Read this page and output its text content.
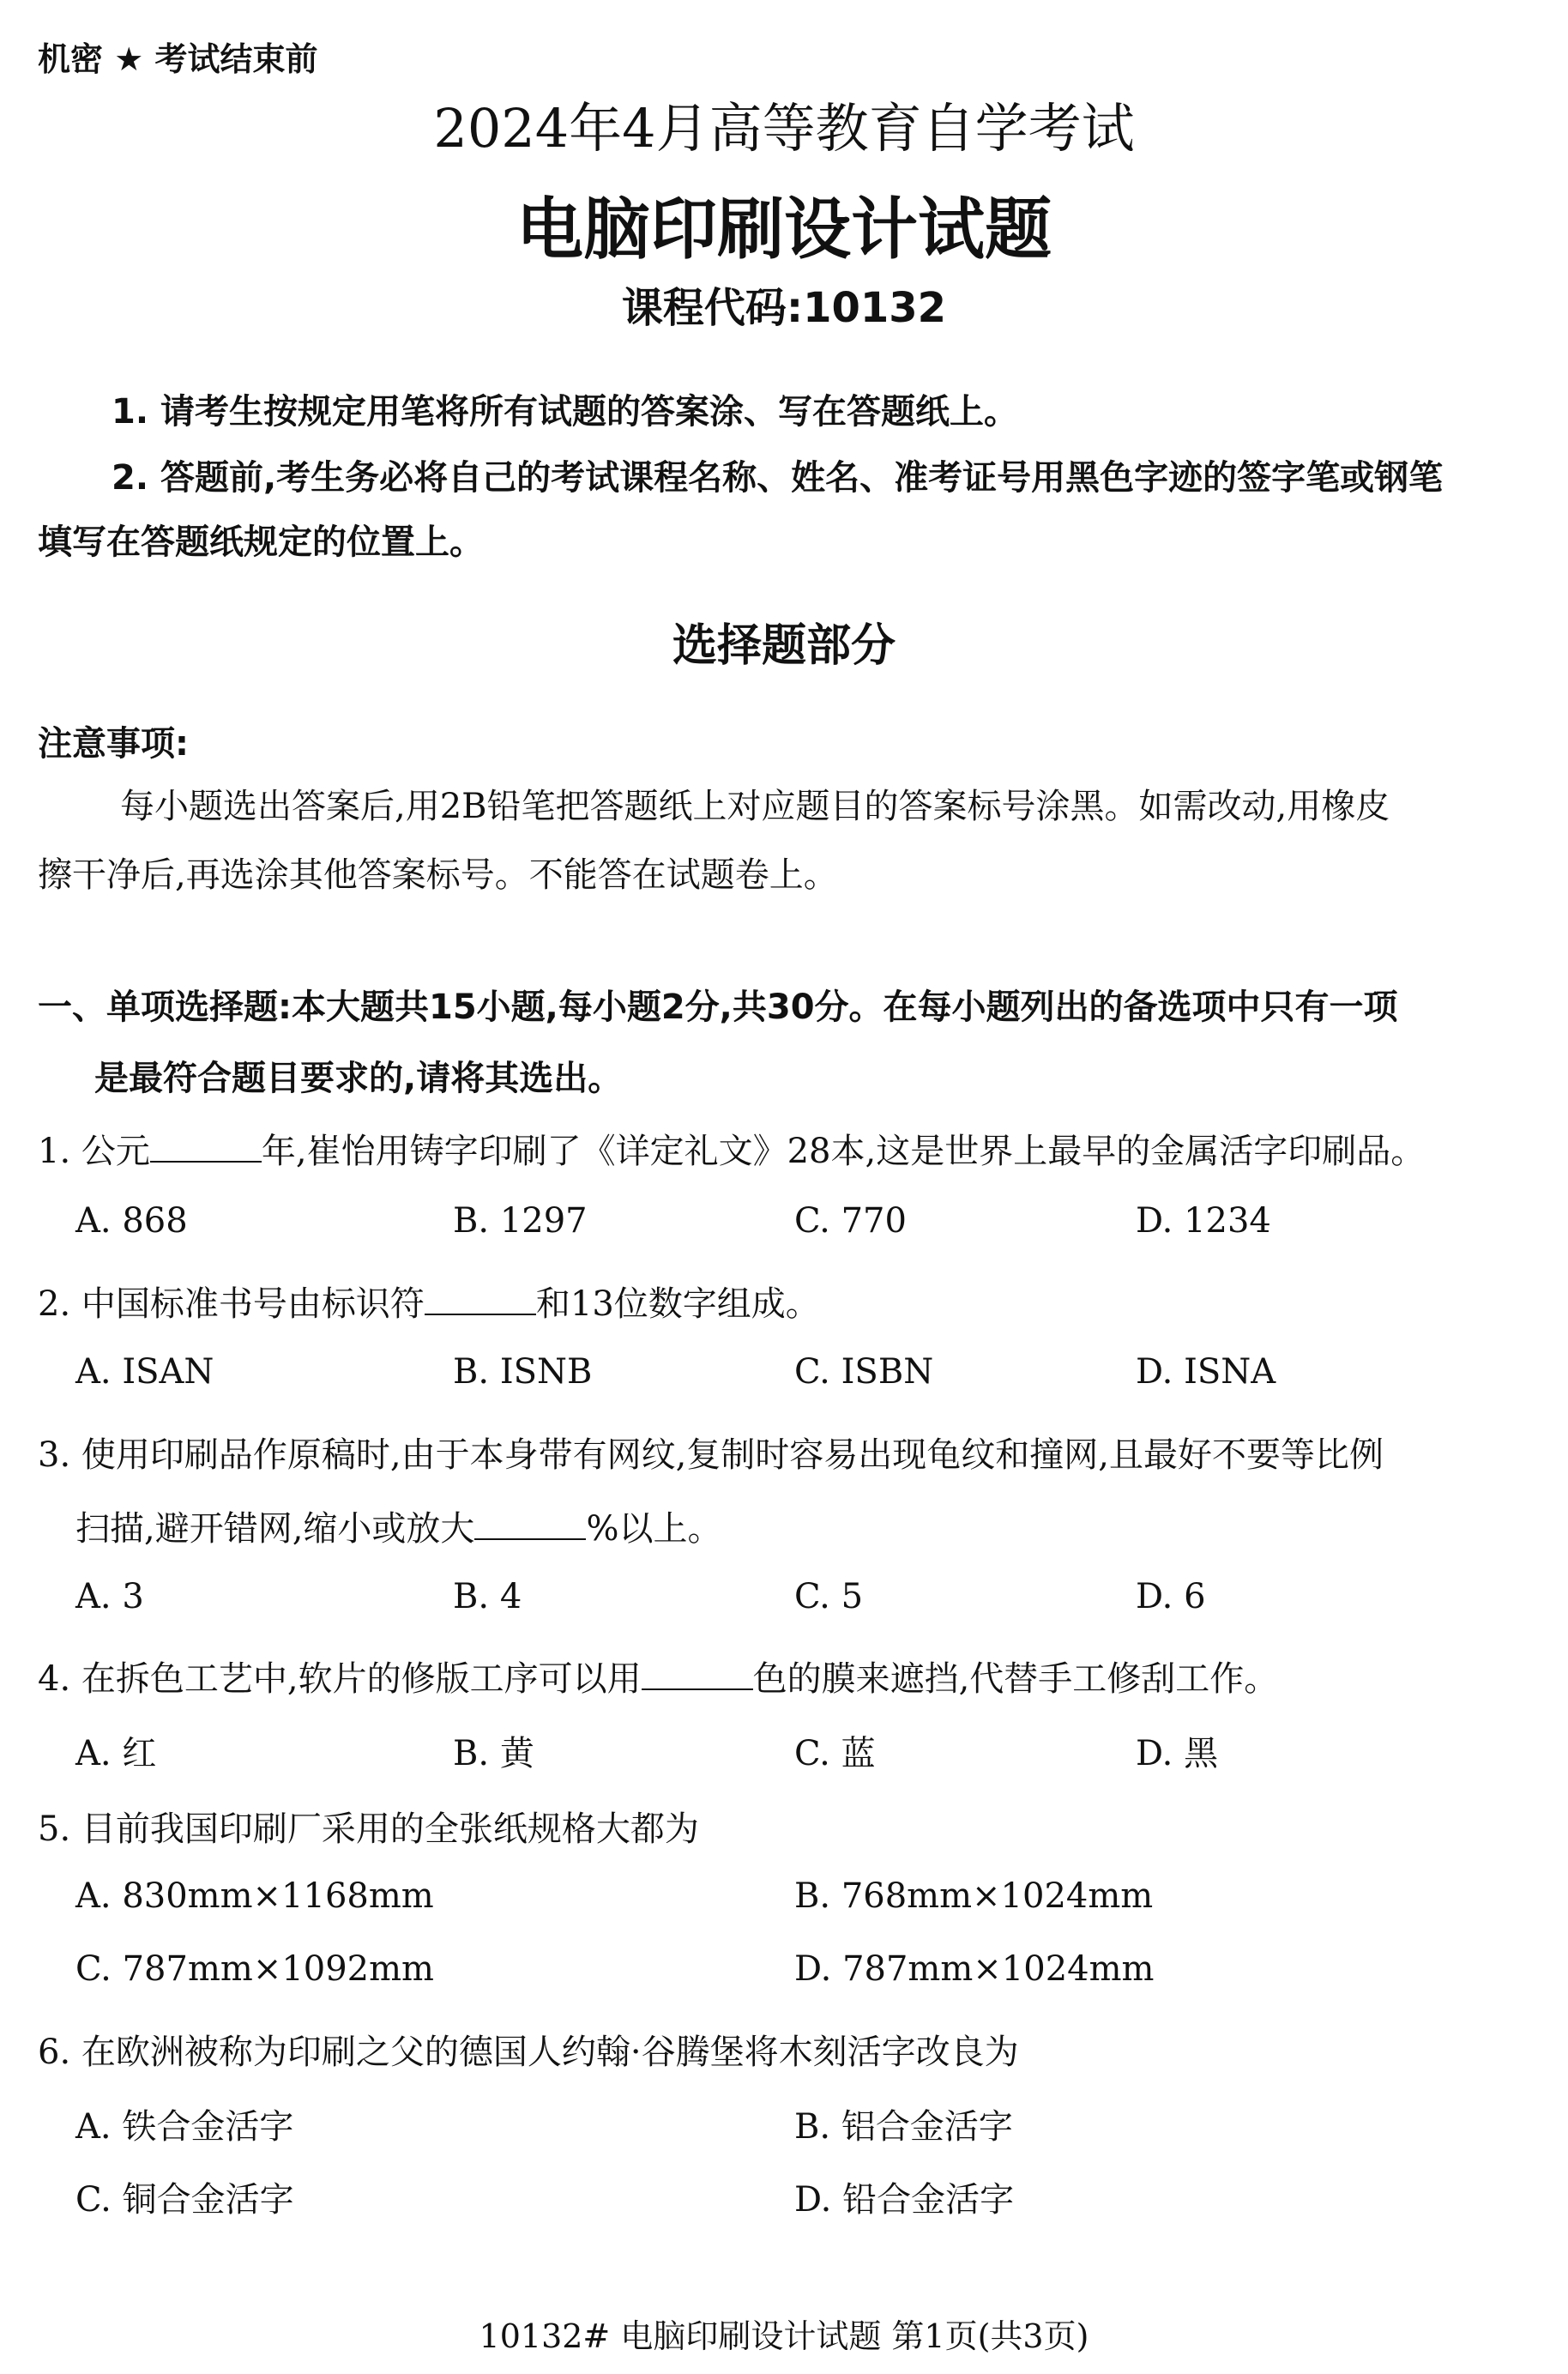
机密 ★ 考试结束前
2024年4月高等教育自学考试
电脑印刷设计试题
课程代码:10132
1. 请考生按规定用笔将所有试题的答案涂、写在答题纸上。
2. 答题前,考生务必将自己的考试课程名称、姓名、准考证号用黑色字迹的签字笔或钢笔
填写在答题纸规定的位置上。
选择题部分
注意事项:
每小题选出答案后,用2B铅笔把答题纸上对应题目的答案标号涂黑。如需改动,用橡皮
擦干净后,再选涂其他答案标号。不能答在试题卷上。
一、单项选择题:本大题共15小题,每小题2分,共30分。在每小题列出的备选项中只有一项
是最符合题目要求的,请将其选出。
1. 公元	年,崔怡用铸字印刷了《详定礼文》28本,这是世界上最早的金属活字印刷品。
A. 868	B. 1297	C. 770	D. 1234
2. 中国标准书号由标识符	和13位数字组成。
A. ISAN	B. ISNB	C. ISBN	D. ISNA
3. 使用印刷品作原稿时,由于本身带有网纹,复制时容易出现龟纹和撞网,且最好不要等比例
扫描,避开错网,缩小或放大	%以上。
A. 3	B. 4	C. 5	D. 6
4. 在拆色工艺中,软片的修版工序可以用	色的膜来遮挡,代替手工修刮工作。
A. 红	B. 黄	C. 蓝	D. 黑
5. 目前我国印刷厂采用的全张纸规格大都为
A. 830mm×1168mm	B. 768mm×1024mm
C. 787mm×1092mm	D. 787mm×1024mm
6. 在欧洲被称为印刷之父的德国人约翰·谷腾堡将木刻活字改良为
A. 铁合金活字	B. 铝合金活字
C. 铜合金活字	D. 铅合金活字
10132# 电脑印刷设计试题 第1页(共3页)
